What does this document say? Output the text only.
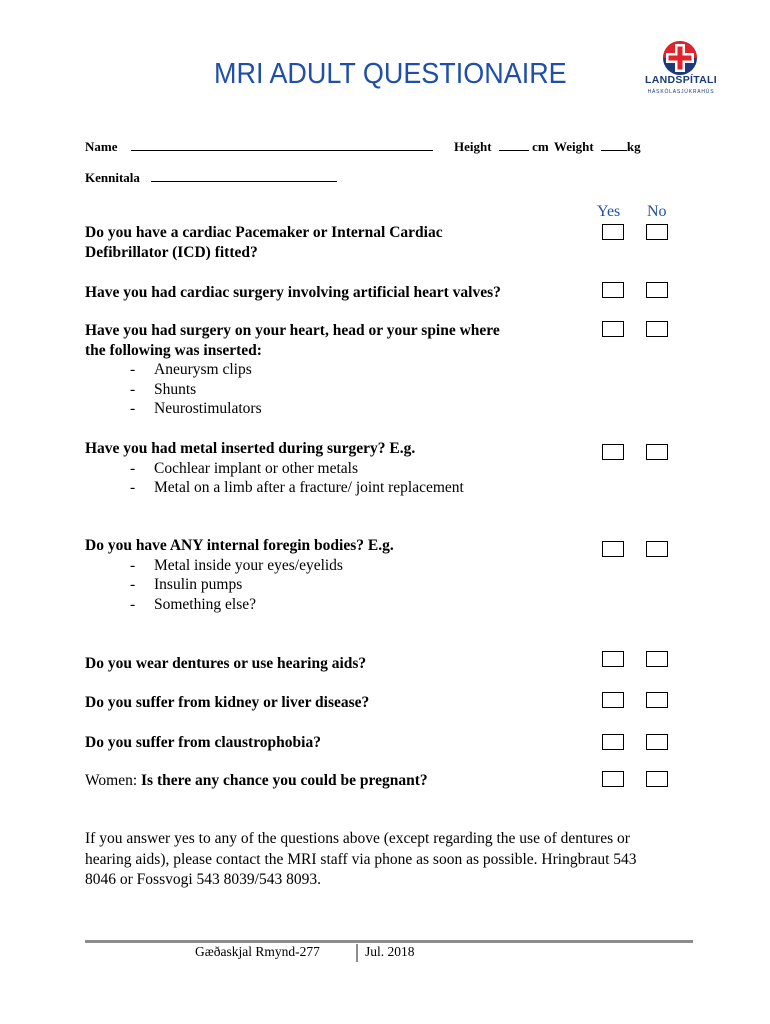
MRI ADULT QUESTIONAIRE	LANDSPÍTALI
HÁSKÓLASJÚKRAHÚS
Name	Height	cm Weight	kg
Kennitala
Yes No
Do you have a cardiac Pacemaker or Internal Cardiac
Defibrillator (ICD) fitted?
Have you had cardiac surgery involving artificial heart valves?
Have you had surgery on your heart, head or your spine where
the following was inserted:
- Aneurysm clips
- Shunts
- Neurostimulators
Have you had metal inserted during surgery? E.g.
- Cochlear implant or other metals
- Metal on a limb after a fracture/ joint replacement
Do you have ANY internal foregin bodies? E.g.
- Metal inside your eyes/eyelids
- Insulin pumps
- Something else?
Do you wear dentures or use hearing aids?
Do you suffer from kidney or liver disease?
Do you suffer from claustrophobia?
Women: Is there any chance you could be pregnant?
If you answer yes to any of the questions above (except regarding the use of dentures or hearing aids), please contact the MRI staff via phone as soon as possible. Hringbraut 543 8046 or Fossvogi 543 8039/543 8093.
Gæðaskjal Rmynd-277	Jul. 2018
